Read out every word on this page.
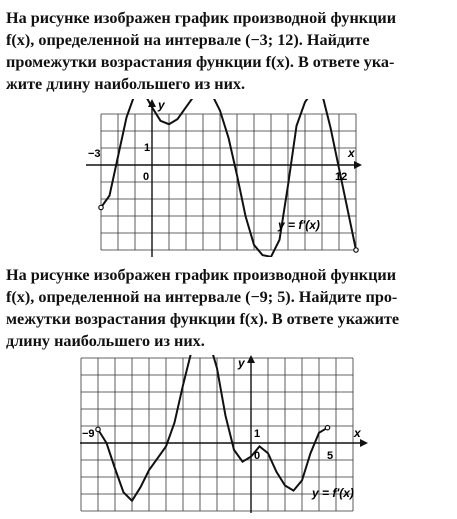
На рисунке изображен график производной функции
f(x), определенной на интервале (−3; 12). Найдите
промежутки возрастания функции f(x). В ответе ука-
жите длину наибольшего из них.

x
y
0
1
−3
12
y = f′(x)

На рисунке изображен график производной функции
f(x), определенной на интервале (−9; 5). Найдите про-
межутки возрастания функции f(x). В ответе укажите
длину наибольшего из них.

x
y
0
1
−9
5
y = f′(x)
